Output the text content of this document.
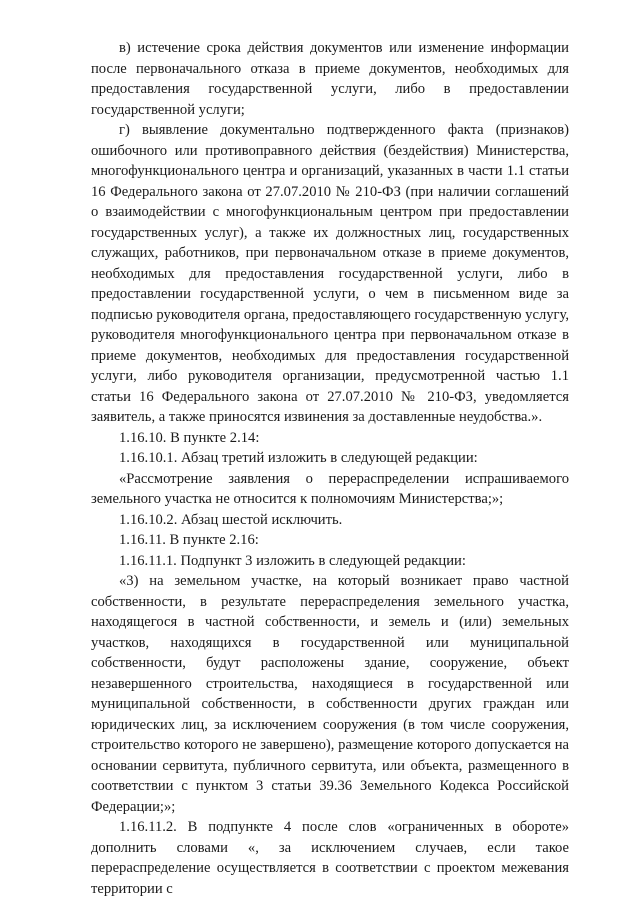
в) истечение срока действия документов или изменение информации после первоначального отказа в приеме документов, необходимых для предоставления государственной услуги, либо в предоставлении государственной услуги;

г) выявление документально подтвержденного факта (признаков) ошибочного или противоправного действия (бездействия) Министерства, многофункционального центра и организаций, указанных в части 1.1 статьи 16 Федерального закона от 27.07.2010 № 210-ФЗ (при наличии соглашений о взаимодействии с многофункциональным центром при предоставлении государственных услуг), а также их должностных лиц, государственных служащих, работников, при первоначальном отказе в приеме документов, необходимых для предоставления государственной услуги, либо в предоставлении государственной услуги, о чем в письменном виде за подписью руководителя органа, предоставляющего государственную услугу, руководителя многофункционального центра при первоначальном отказе в приеме документов, необходимых для предоставления государственной услуги, либо руководителя организации, предусмотренной частью 1.1 статьи 16 Федерального закона от 27.07.2010 № 210-ФЗ, уведомляется заявитель, а также приносятся извинения за доставленные неудобства.».

1.16.10. В пункте 2.14:

1.16.10.1. Абзац третий изложить в следующей редакции:

«Рассмотрение заявления о перераспределении испрашиваемого земельного участка не относится к полномочиям Министерства;»;

1.16.10.2. Абзац шестой исключить.

1.16.11. В пункте 2.16:

1.16.11.1. Подпункт 3 изложить в следующей редакции:

«3) на земельном участке, на который возникает право частной собственности, в результате перераспределения земельного участка, находящегося в частной собственности, и земель и (или) земельных участков, находящихся в государственной или муниципальной собственности, будут расположены здание, сооружение, объект незавершенного строительства, находящиеся в государственной или муниципальной собственности, в собственности других граждан или юридических лиц, за исключением сооружения (в том числе сооружения, строительство которого не завершено), размещение которого допускается на основании сервитута, публичного сервитута, или объекта, размещенного в соответствии с пунктом 3 статьи 39.36 Земельного Кодекса Российской Федерации;»;

1.16.11.2. В подпункте 4 после слов «ограниченных в обороте» дополнить словами «, за исключением случаев, если такое перераспределение осуществляется в соответствии с проектом межевания территории с
